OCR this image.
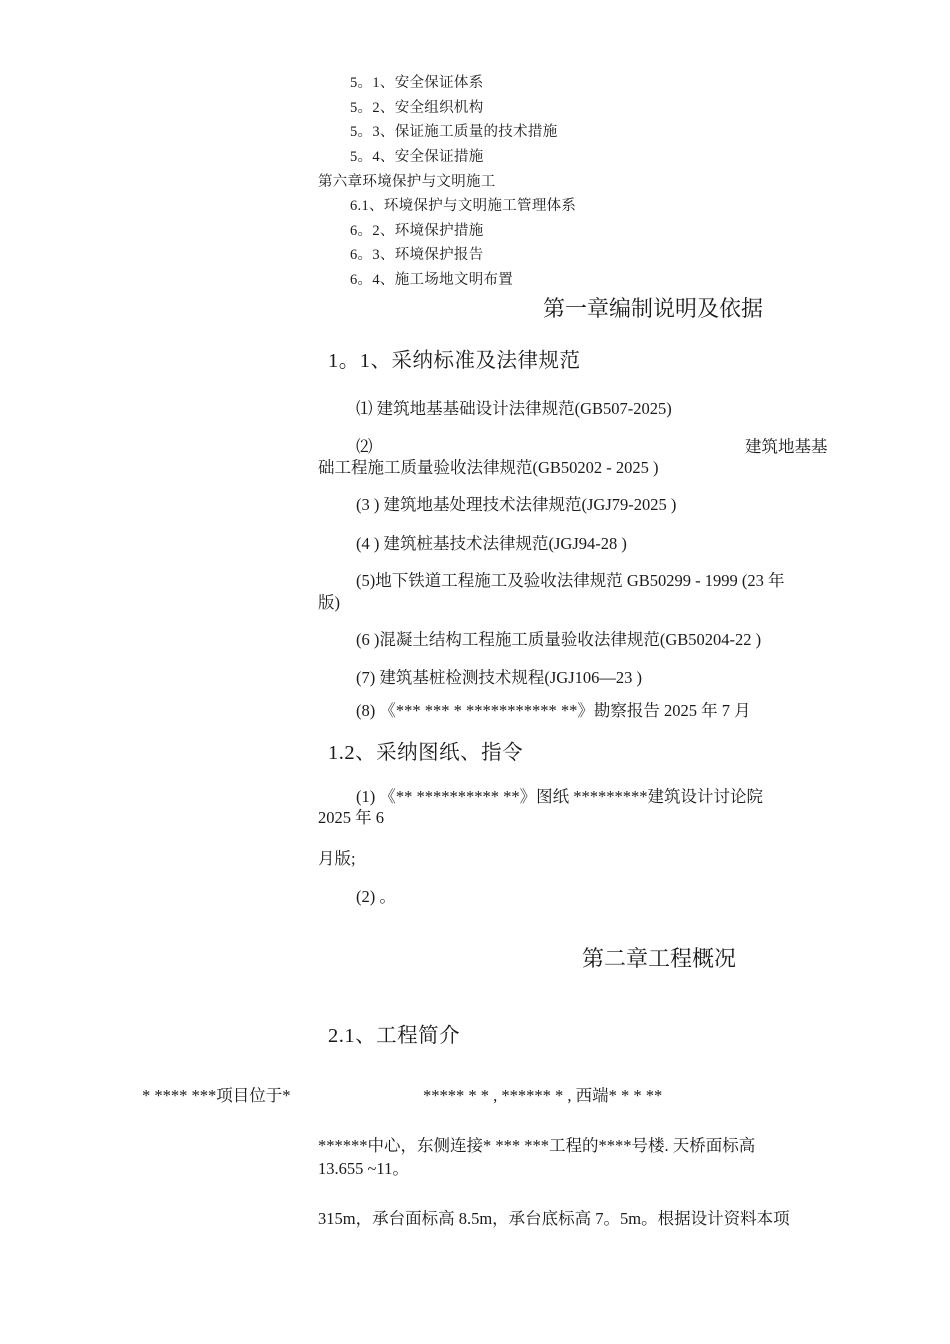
5。1、安全保证体系
5。2、安全组织机构
5。3、保证施工质量的技术措施
5。4、安全保证措施
第六章环境保护与文明施工
6.1、环境保护与文明施工管理体系
6。2、环境保护措施
6。3、环境保护报告
6。4、施工场地文明布置
第一章编制说明及依据
1。1、采纳标准及法律规范
⑴ 建筑地基基础设计法律规范(GB507-2025)
⑵	建筑地基基
础工程施工质量验收法律规范(GB50202 - 2025 )
(3 ) 建筑地基处理技术法律规范(JGJ79-2025 )
(4 ) 建筑桩基技术法律规范(JGJ94-28 )
(5)地下铁道工程施工及验收法律规范 GB50299 - 1999 (23 年
版)
(6 )混凝土结构工程施工质量验收法律规范(GB50204-22 )
(7) 建筑基桩检测技术规程(JGJ106—23 )
(8) 《*** *** * *********** **》勘察报告 2025 年 7 月
1.2、采纳图纸、指令
(1) 《** ********** **》图纸 *********建筑设计讨论院
2025 年 6
月版;
(2) 。
第二章工程概况
2.1、工程简介
* **** ***项目位于*	***** * * , ****** * , 西端* * * **
******中心，东侧连接* *** ***工程的****号楼. 天桥面标高
13.655 ~11。
315m，承台面标高 8.5m，承台底标高 7。5m。根据设计资料本项
